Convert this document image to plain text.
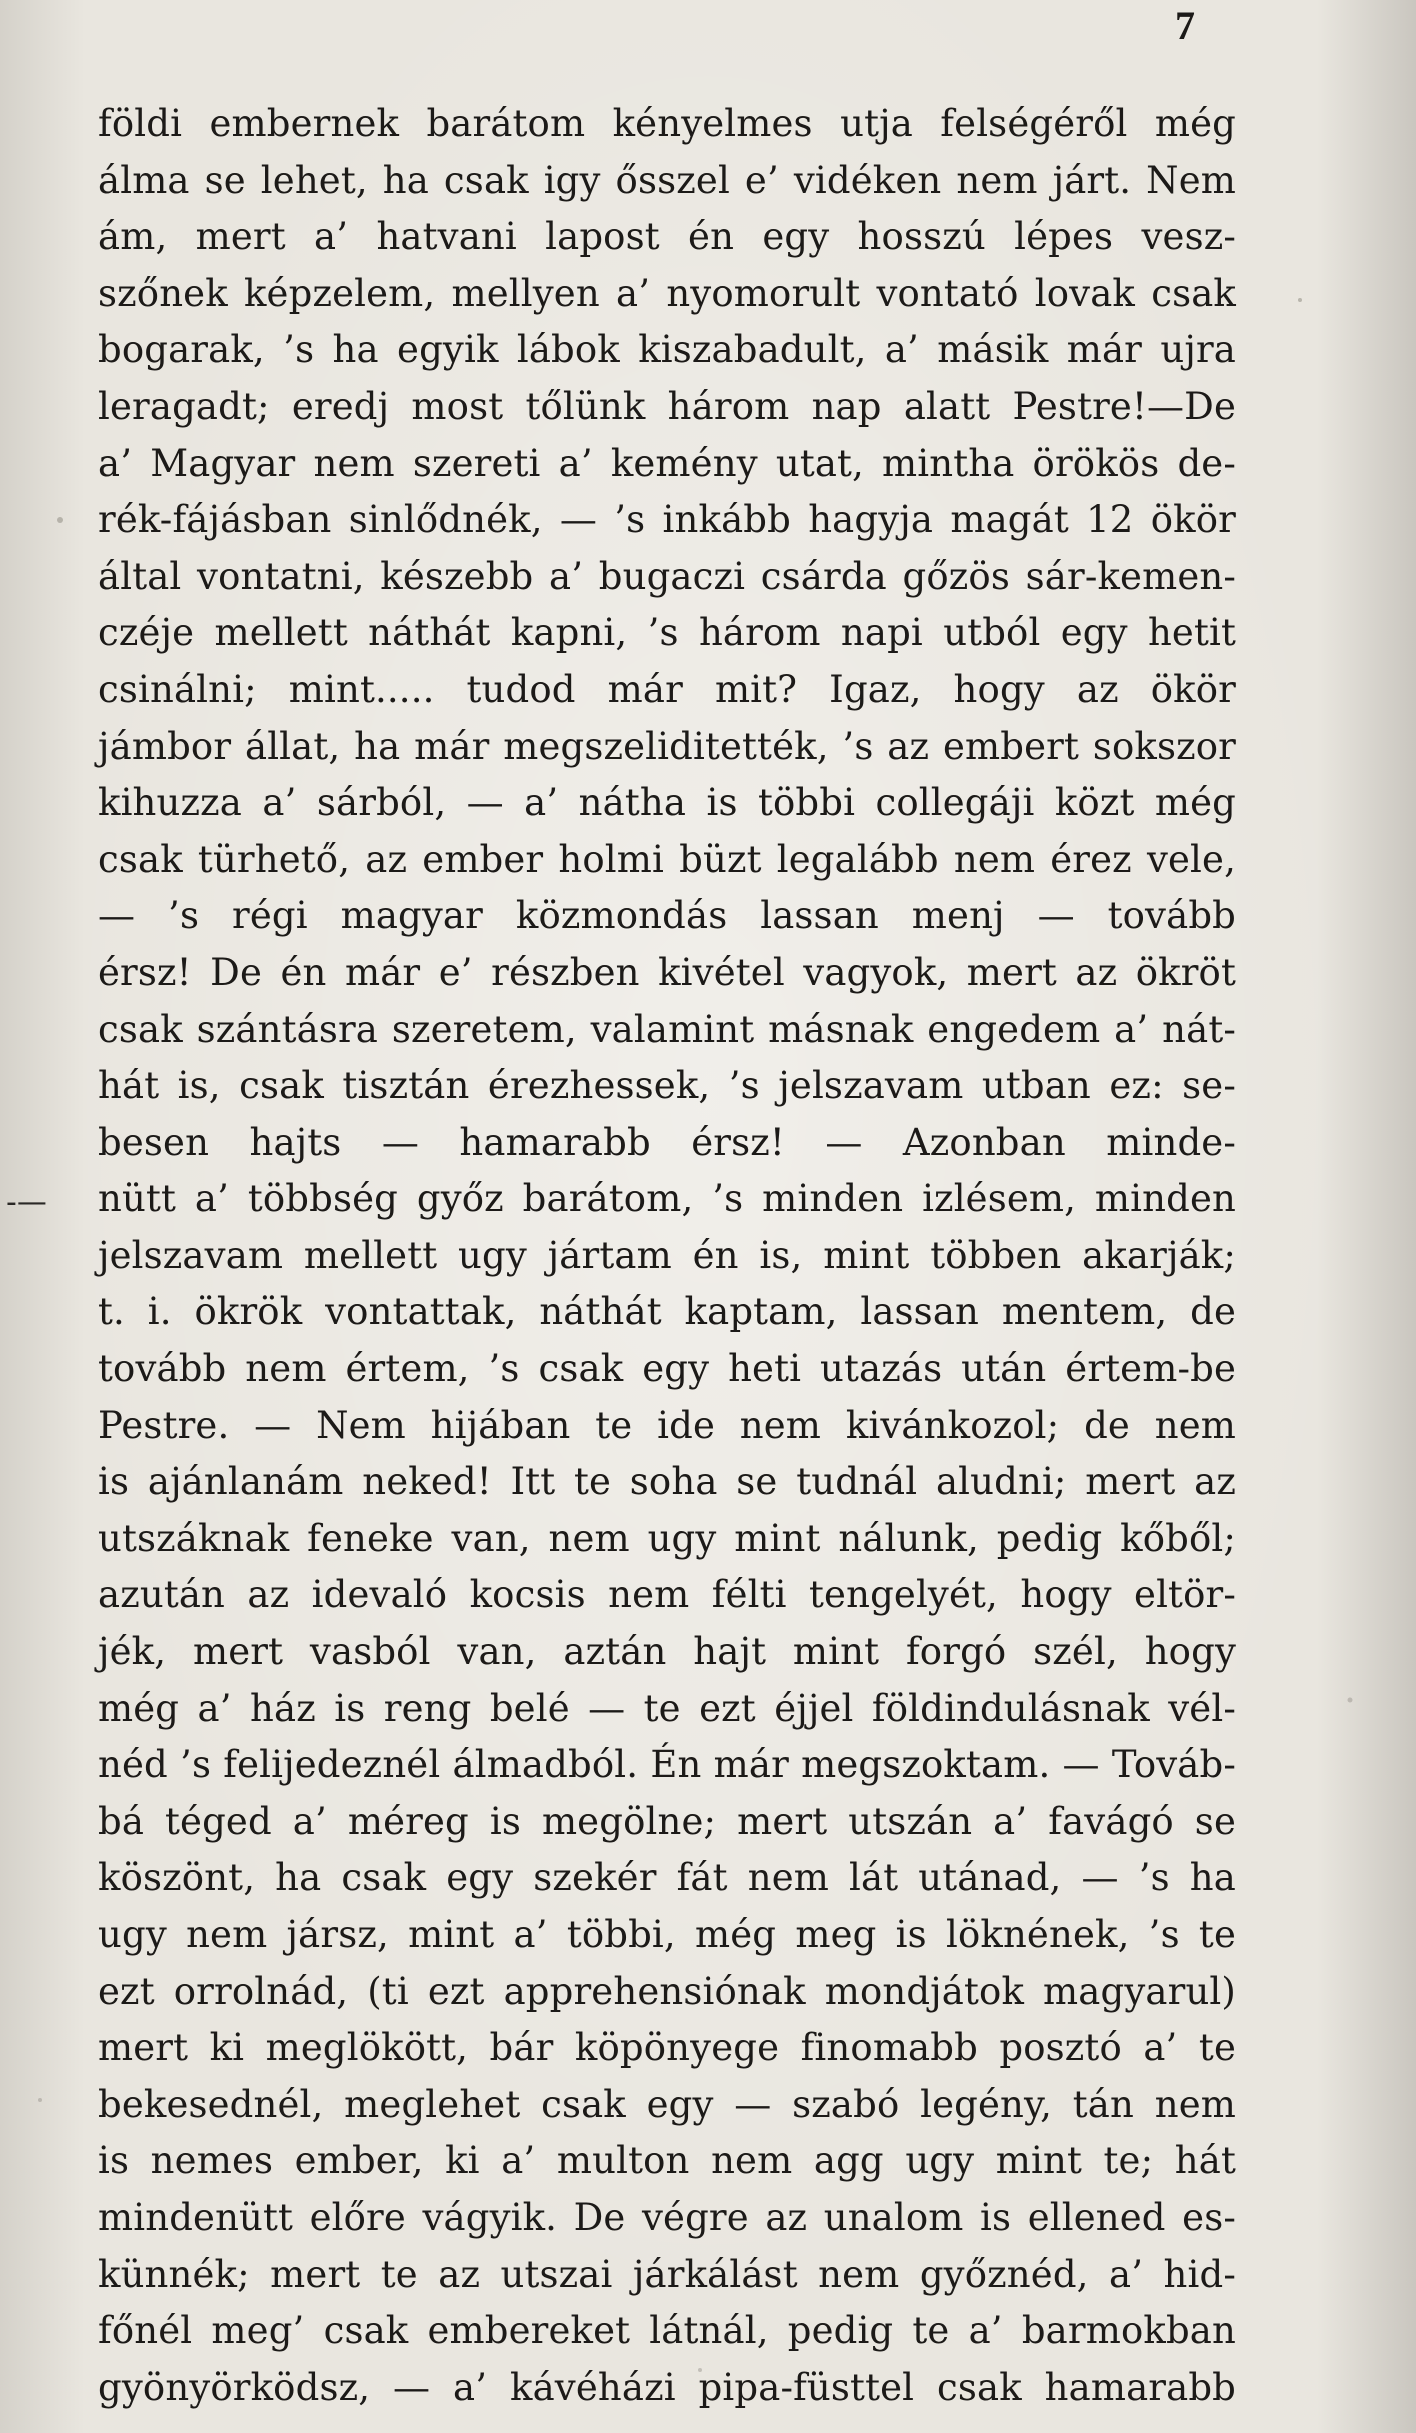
7
-—
földi embernek barátom kényelmes utja felségéről még
álma se lehet, ha csak igy ősszel e’ vidéken nem járt. Nem
ám, mert a’ hatvani lapost én egy hosszú lépes vesz-
szőnek képzelem, mellyen a’ nyomorult vontató lovak csak
bogarak, ’s ha egyik lábok kiszabadult, a’ másik már ujra
leragadt; eredj most tőlünk három nap alatt Pestre!—De
a’ Magyar nem szereti a’ kemény utat, mintha örökös de-
rék-fájásban sinlődnék, — ’s inkább hagyja magát 12 ökör
által vontatni, készebb a’ bugaczi csárda gőzös sár-kemen-
czéje mellett náthát kapni, ’s három napi utból egy hetit
csinálni; mint..... tudod már mit? Igaz, hogy az ökör
jámbor állat, ha már megszeliditették, ’s az embert sokszor
kihuzza a’ sárból, — a’ nátha is többi collegáji közt még
csak türhető, az ember holmi büzt legalább nem érez vele,
— ’s régi magyar közmondás lassan menj — tovább
érsz! De én már e’ részben kivétel vagyok, mert az ökröt
csak szántásra szeretem, valamint másnak engedem a’ nát-
hát is, csak tisztán érezhessek, ’s jelszavam utban ez: se-
besen hajts — hamarabb érsz! — Azonban minde-
nütt a’ többség győz barátom, ’s minden izlésem, minden
jelszavam mellett ugy jártam én is, mint többen akarják;
t. i. ökrök vontattak, náthát kaptam, lassan mentem, de
tovább nem értem, ’s csak egy heti utazás után értem-be
Pestre. — Nem hijában te ide nem kivánkozol; de nem
is ajánlanám neked! Itt te soha se tudnál aludni; mert az
utszáknak feneke van, nem ugy mint nálunk, pedig kőből;
azután az idevaló kocsis nem félti tengelyét, hogy eltör-
jék, mert vasból van, aztán hajt mint forgó szél, hogy
még a’ ház is reng belé — te ezt éjjel földindulásnak vél-
néd ’s felijedeznél álmadból. Én már megszoktam. — Továb-
bá téged a’ méreg is megölne; mert utszán a’ favágó se
köszönt, ha csak egy szekér fát nem lát utánad, — ’s ha
ugy nem jársz, mint a’ többi, még meg is löknének, ’s te
ezt orrolnád, (ti ezt apprehensiónak mondjátok magyarul)
mert ki meglökött, bár köpönyege finomabb posztó a’ te
bekesednél, meglehet csak egy — szabó legény, tán nem
is nemes ember, ki a’ multon nem agg ugy mint te; hát
mindenütt előre vágyik. De végre az unalom is ellened es-
künnék; mert te az utszai járkálást nem győznéd, a’ hid-
főnél meg’ csak embereket látnál, pedig te a’ barmokban
gyönyörködsz, — a’ kávéházi pipa-füsttel csak hamarabb
